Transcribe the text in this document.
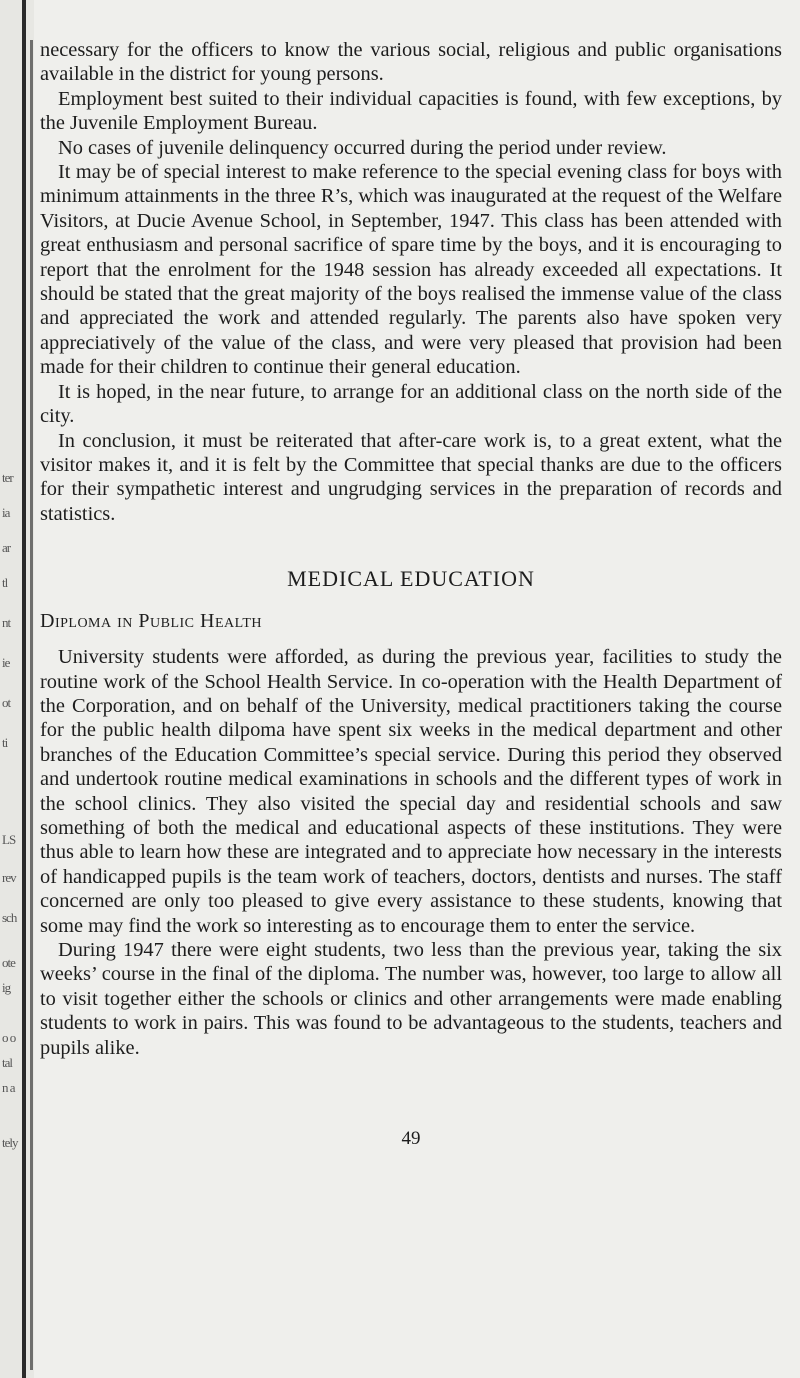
ter
ia
ar
tl
nt
ie
ot
ti
LS
rev
sch
ote
ig
o o
tal
n a
tely

necessary for the officers to know the various social, religious and public organisations available in the district for young persons.

Employment best suited to their individual capacities is found, with few exceptions, by the Juvenile Employment Bureau.

No cases of juvenile delinquency occurred during the period under review.

It may be of special interest to make reference to the special evening class for boys with minimum attainments in the three R’s, which was inaugurated at the request of the Welfare Visitors, at Ducie Avenue School, in September, 1947. This class has been attended with great enthusiasm and personal sacrifice of spare time by the boys, and it is encouraging to report that the enrolment for the 1948 session has already exceeded all expectations. It should be stated that the great majority of the boys realised the immense value of the class and appreciated the work and attended regularly. The parents also have spoken very appreciatively of the value of the class, and were very pleased that provision had been made for their children to continue their general education.

It is hoped, in the near future, to arrange for an additional class on the north side of the city.

In conclusion, it must be reiterated that after-care work is, to a great extent, what the visitor makes it, and it is felt by the Committee that special thanks are due to the officers for their sympathetic interest and ungrudging services in the preparation of records and statistics.

MEDICAL EDUCATION
Diploma in Public Health

University students were afforded, as during the previous year, facilities to study the routine work of the School Health Service. In co-operation with the Health Department of the Corporation, and on behalf of the University, medical practitioners taking the course for the public health dilpoma have spent six weeks in the medical department and other branches of the Education Committee’s special service. During this period they observed and undertook routine medical examinations in schools and the different types of work in the school clinics. They also visited the special day and residential schools and saw something of both the medical and educational aspects of these institutions. They were thus able to learn how these are integrated and to appreciate how necessary in the interests of handicapped pupils is the team work of teachers, doctors, dentists and nurses. The staff concerned are only too pleased to give every assistance to these students, knowing that some may find the work so interesting as to encourage them to enter the service.

During 1947 there were eight students, two less than the previous year, taking the six weeks’ course in the final of the diploma. The number was, however, too large to allow all to visit together either the schools or clinics and other arrangements were made enabling students to work in pairs. This was found to be advantageous to the students, teachers and pupils alike.

49
